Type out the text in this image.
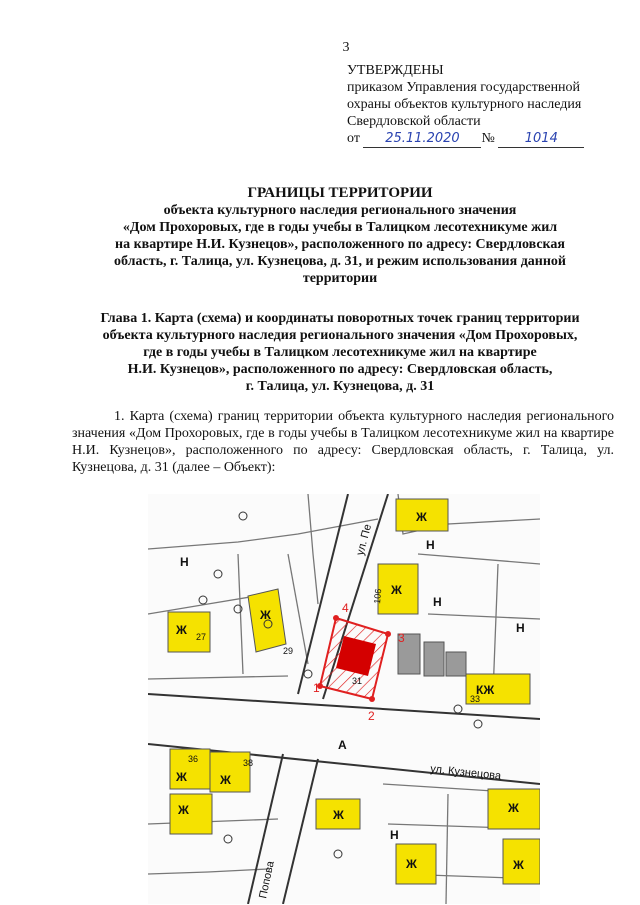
3
УТВЕРЖДЕНЫ
приказом Управления государственной
охраны объектов культурного наследия
Свердловской области
от 25.11.2020 № 1014
ГРАНИЦЫ ТЕРРИТОРИИ
объекта культурного наследия регионального значения
«Дом Прохоровых, где в годы учебы в Талицком лесотехникуме жил
на квартире Н.И. Кузнецов», расположенного по адресу: Свердловская
область, г. Талица, ул. Кузнецова, д. 31, и режим использования данной
территории
Глава 1. Карта (схема) и координаты поворотных точек границ территории
объекта культурного наследия регионального значения «Дом Прохоровых,
где в годы учебы в Талицком лесотехникуме жил на квартире
Н.И. Кузнецов», расположенного по адресу: Свердловская область,
г. Талица, ул. Кузнецова, д. 31
1. Карта (схема) границ территории объекта культурного наследия регионального значения «Дом Прохоровых, где в годы учебы в Талицком лесотехникуме жил на квартире Н.И. Кузнецов», расположенного по адресу: Свердловская область, г. Талица, ул. Кузнецова, д. 31 (далее – Объект):
Ж
Н
Н
Ж
Ж
Ж
Н
Н
КЖ
А
Ж	Ж
Ж	Ж	Ж
Ж
Н
Ж
27
29
31
33
36	38
106
ул. Кузнецова
ул. Пе
Попова
1
2
3
4
